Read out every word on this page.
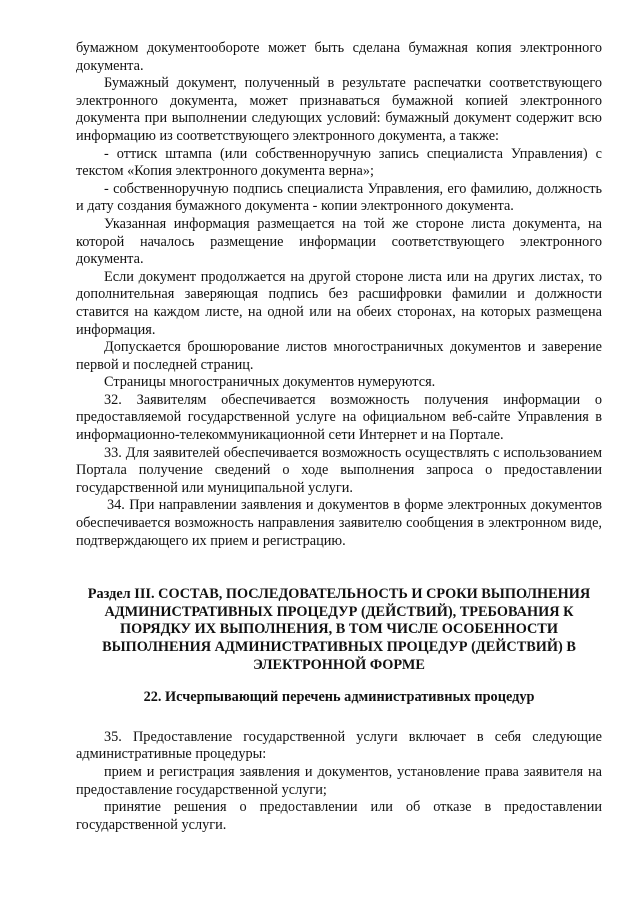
бумажном документообороте может быть сделана бумажная копия электронного документа.

Бумажный документ, полученный в результате распечатки соответствующего электронного документа, может признаваться бумажной копией электронного документа при выполнении следующих условий: бумажный документ содержит всю информацию из соответствующего электронного документа, а также:

- оттиск штампа (или собственноручную запись специалиста Управления) с текстом «Копия электронного документа верна»;

- собственноручную подпись специалиста Управления, его фамилию, должность и дату создания бумажного документа - копии электронного документа.

Указанная информация размещается на той же стороне листа документа, на которой началось размещение информации соответствующего электронного документа.

Если документ продолжается на другой стороне листа или на других листах, то дополнительная заверяющая подпись без расшифровки фамилии и должности ставится на каждом листе, на одной или на обеих сторонах, на которых размещена информация.

Допускается брошюрование листов многостраничных документов и заверение первой и последней страниц.

Страницы многостраничных документов нумеруются.

32. Заявителям обеспечивается возможность получения информации о предоставляемой государственной услуге на официальном веб-сайте Управления в информационно-телекоммуникационной сети Интернет и на Портале.

33. Для заявителей обеспечивается возможность осуществлять с использованием Портала получение сведений о ходе выполнения запроса о предоставлении государственной или муниципальной услуги.

34. При направлении заявления и документов в форме электронных документов обеспечивается возможность направления заявителю сообщения в электронном виде, подтверждающего их прием и регистрацию.

Раздел III. СОСТАВ, ПОСЛЕДОВАТЕЛЬНОСТЬ И СРОКИ ВЫПОЛНЕНИЯ АДМИНИСТРАТИВНЫХ ПРОЦЕДУР (ДЕЙСТВИЙ), ТРЕБОВАНИЯ К ПОРЯДКУ ИХ ВЫПОЛНЕНИЯ, В ТОМ ЧИСЛЕ ОСОБЕННОСТИ ВЫПОЛНЕНИЯ АДМИНИСТРАТИВНЫХ ПРОЦЕДУР (ДЕЙСТВИЙ) В ЭЛЕКТРОННОЙ ФОРМЕ

22. Исчерпывающий перечень административных процедур

35. Предоставление государственной услуги включает в себя следующие административные процедуры:

прием и регистрация заявления и документов, установление права заявителя на предоставление государственной услуги;

принятие решения о предоставлении или об отказе в предоставлении государственной услуги.
